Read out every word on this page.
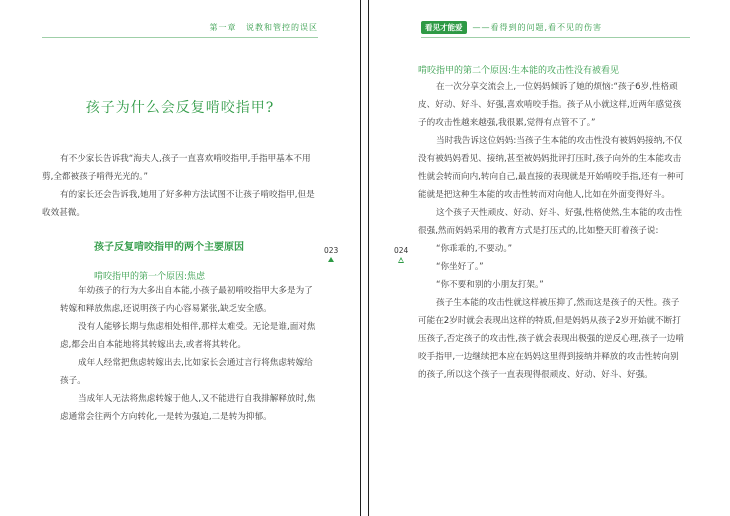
第一章 说教和管控的误区
孩子为什么会反复啃咬指甲?

有不少家长告诉我“海夫人,孩子一直喜欢啃咬指甲,手指甲基本不用剪,全都被孩子啃得光光的。”

有的家长还会告诉我,她用了好多种方法试图不让孩子啃咬指甲,但是收效甚微。

孩子反复啃咬指甲的两个主要原因
啃咬指甲的第一个原因:焦虑

年幼孩子的行为大多出自本能,小孩子最初啃咬指甲大多是为了转嫁和释放焦虑,还说明孩子内心容易紧张,缺乏安全感。

没有人能够长期与焦虑相处相伴,那样太难受。无论是谁,面对焦虑,都会出自本能地将其转嫁出去,或者将其转化。

成年人经常把焦虑转嫁出去,比如家长会通过言行将焦虑转嫁给孩子。

当成年人无法将焦虑转嫁于他人,又不能进行自我排解释放时,焦虑通常会往两个方向转化,一是转为强迫,二是转为抑郁。

023
看见才能爱	——看得到的问题,看不见的伤害
啃咬指甲的第二个原因:生本能的攻击性没有被看见

在一次分享交流会上,一位妈妈倾诉了她的烦恼:“孩子6岁,性格顽皮、好动、好斗、好强,喜欢啃咬手指。孩子从小就这样,近两年感觉孩子的攻击性越来越强,我很累,觉得有点管不了。”

当时我告诉这位妈妈:当孩子生本能的攻击性没有被妈妈接纳,不仅没有被妈妈看见、接纳,甚至被妈妈批评打压时,孩子向外的生本能攻击性就会转而向内,转向自己,最直接的表现就是开始啃咬手指,还有一种可能就是把这种生本能的攻击性转而对向他人,比如在外面变得好斗。

这个孩子天性顽皮、好动、好斗、好强,性格使然,生本能的攻击性很强,然而妈妈采用的教育方式是打压式的,比如整天盯着孩子说:

“你乖乖的,不要动。”

“你坐好了。”

“你不要和别的小朋友打架。”

孩子生本能的攻击性就这样被压抑了,然而这是孩子的天性。孩子可能在2岁时就会表现出这样的特质,但是妈妈从孩子2岁开始就不断打压孩子,否定孩子的攻击性,孩子就会表现出极强的逆反心理,孩子一边啃咬手指甲,一边继续把本应在妈妈这里得到接纳并释放的攻击性转向别的孩子,所以这个孩子一直表现得很顽皮、好动、好斗、好强。

024
